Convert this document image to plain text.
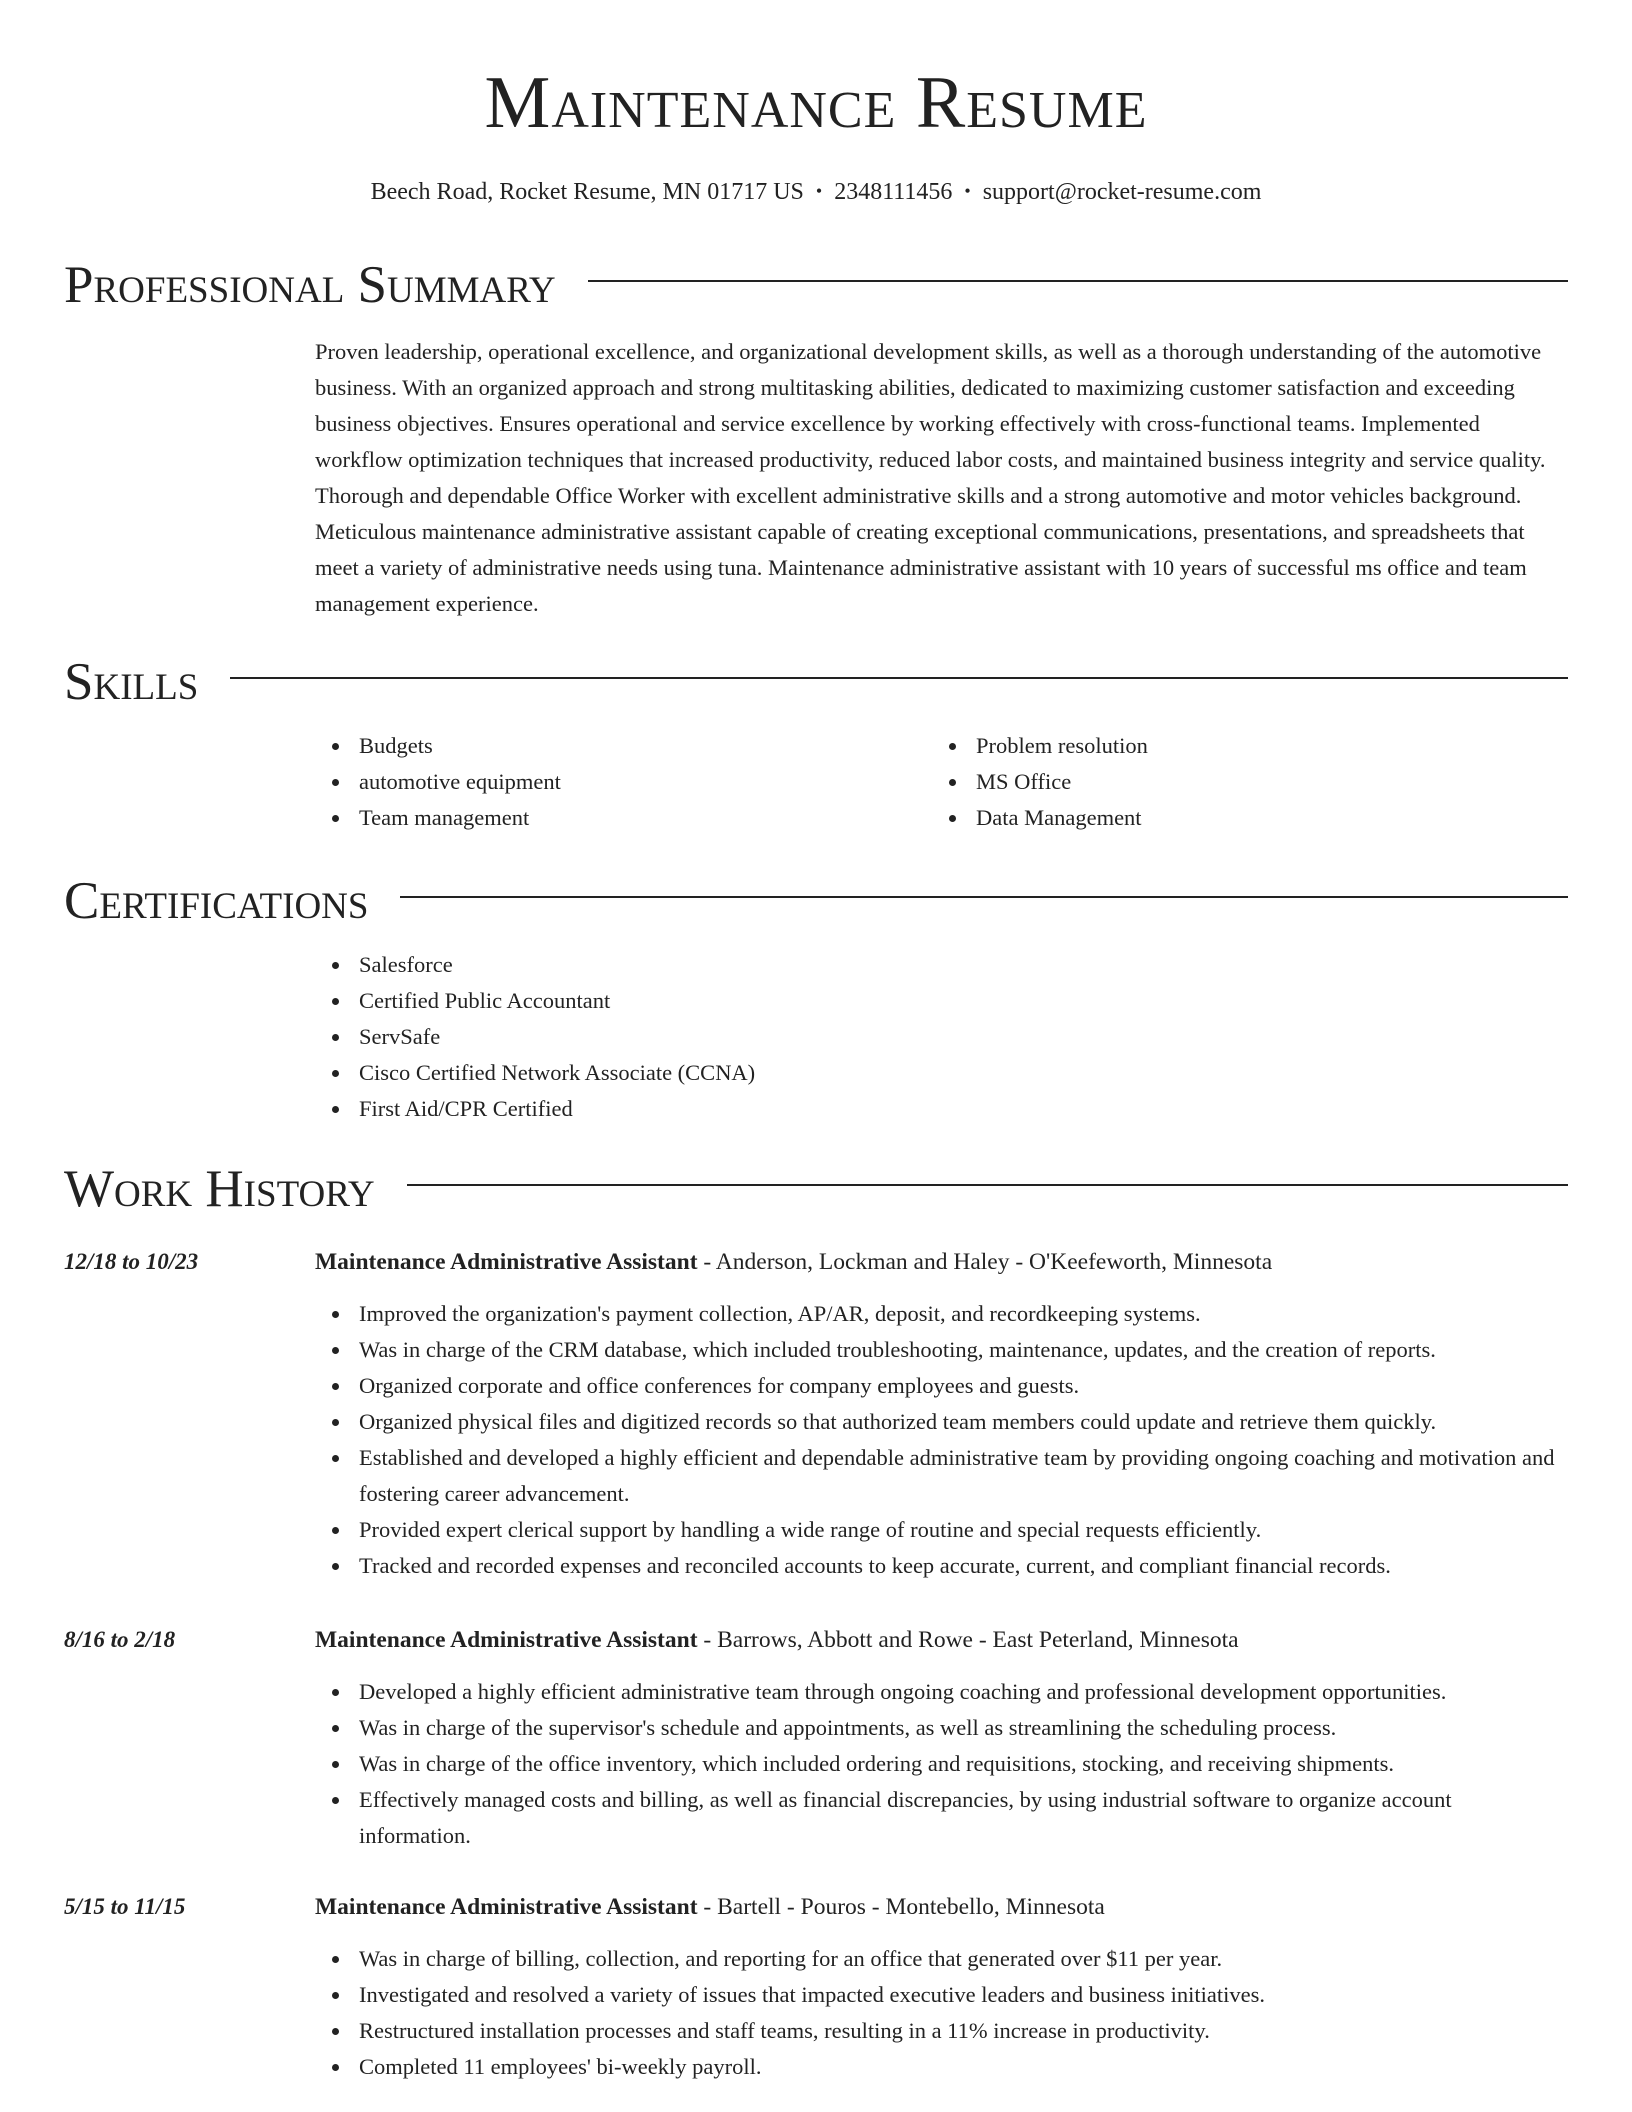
Maintenance Resume
Beech Road, Rocket Resume, MN 01717 US • 2348111456 • support@rocket-resume.com
Professional Summary
Proven leadership, operational excellence, and organizational development skills, as well as a thorough understanding of the automotive business. With an organized approach and strong multitasking abilities, dedicated to maximizing customer satisfaction and exceeding business objectives. Ensures operational and service excellence by working effectively with cross-functional teams. Implemented workflow optimization techniques that increased productivity, reduced labor costs, and maintained business integrity and service quality. Thorough and dependable Office Worker with excellent administrative skills and a strong automotive and motor vehicles background. Meticulous maintenance administrative assistant capable of creating exceptional communications, presentations, and spreadsheets that meet a variety of administrative needs using tuna. Maintenance administrative assistant with 10 years of successful ms office and team management experience.
Skills
Budgets
automotive equipment
Team management
Problem resolution
MS Office
Data Management
Certifications
Salesforce
Certified Public Accountant
ServSafe
Cisco Certified Network Associate (CCNA)
First Aid/CPR Certified
Work History
12/18 to 10/23	Maintenance Administrative Assistant - Anderson, Lockman and Haley - O'Keefeworth, Minnesota
Improved the organization's payment collection, AP/AR, deposit, and recordkeeping systems.
Was in charge of the CRM database, which included troubleshooting, maintenance, updates, and the creation of reports.
Organized corporate and office conferences for company employees and guests.
Organized physical files and digitized records so that authorized team members could update and retrieve them quickly.
Established and developed a highly efficient and dependable administrative team by providing ongoing coaching and motivation and fostering career advancement.
Provided expert clerical support by handling a wide range of routine and special requests efficiently.
Tracked and recorded expenses and reconciled accounts to keep accurate, current, and compliant financial records.
8/16 to 2/18	Maintenance Administrative Assistant - Barrows, Abbott and Rowe - East Peterland, Minnesota
Developed a highly efficient administrative team through ongoing coaching and professional development opportunities.
Was in charge of the supervisor's schedule and appointments, as well as streamlining the scheduling process.
Was in charge of the office inventory, which included ordering and requisitions, stocking, and receiving shipments.
Effectively managed costs and billing, as well as financial discrepancies, by using industrial software to organize account information.
5/15 to 11/15	Maintenance Administrative Assistant - Bartell - Pouros - Montebello, Minnesota
Was in charge of billing, collection, and reporting for an office that generated over $11 per year.
Investigated and resolved a variety of issues that impacted executive leaders and business initiatives.
Restructured installation processes and staff teams, resulting in a 11% increase in productivity.
Completed 11 employees' bi-weekly payroll.
